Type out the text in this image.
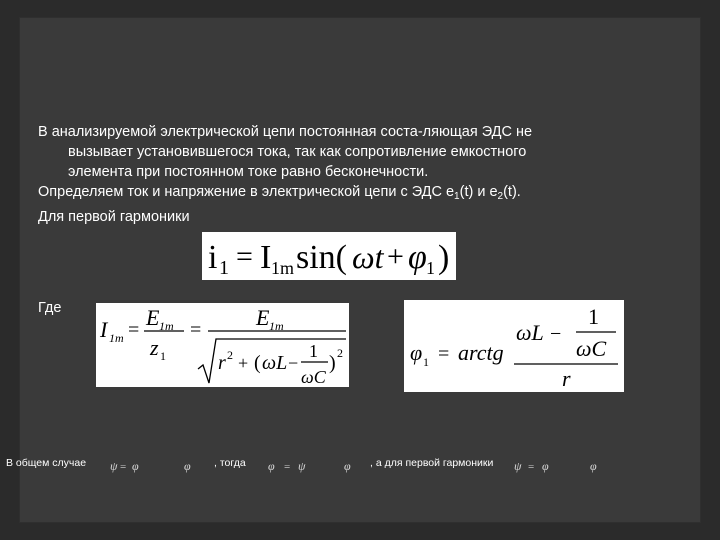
В анализируемой электрической цепи постоянная соста-ляющая ЭДС не
вызывает установившегося тока, так как сопротивление емкостного
элемента при постоянном токе равно бесконечности.

Определяем ток и напряжение в электрической цепи с ЭДС $е_1(t)$ и $е_2(t)$.

Для первой гармоники

i 1 = I 1m sin( ωt + φ 1 )
Где
I 1m = E 1m
z 1
= E 1m
r 2 + ( ωL −
1
ωC
) 2	φ 1 = arctg
ωL −
1
ωC
r
В общем случае ψ = φ	φ , тогда φ = ψ	φ , а для первой гармоники ψ = φ	φ
